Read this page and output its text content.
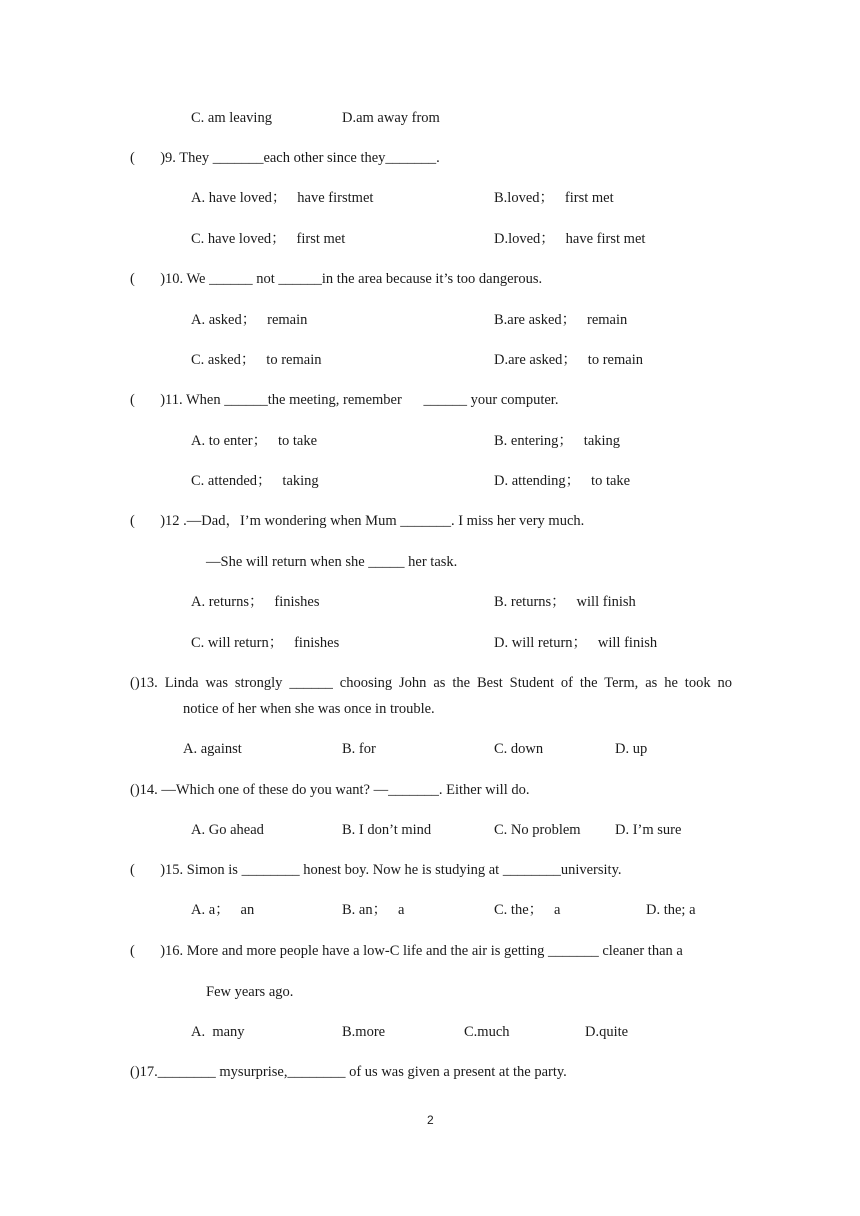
C. am leaving	D.am away from
(       )9. They _______each other since they_______.
A. have loved；   have firstmet	B.loved；   first met
C. have loved；   first met	D.loved；   have first met
(       )10. We ______ not ______in the area because it’s too dangerous.
A. asked；   remain	B.are asked；   remain
C. asked；   to remain	D.are asked；   to remain
(       )11. When ______the meeting, remember      ______ your computer.
A. to enter；   to take	B. entering；   taking
C. attended；   taking	D. attending；   to take
(       )12 .—Dad，I’m wondering when Mum _______. I miss her very much.
—She will return when she _____ her task.
A. returns；   finishes	B. returns；   will finish
C. will return；   finishes	D. will return；   will finish
()13. Linda was strongly ______ choosing John as the Best Student of the Term, as he took no
notice of her when she was once in trouble.
A. against	B. for	C. down	D. up
()14. —Which one of these do you want? —_______. Either will do.
A. Go ahead	B. I don’t mind	C. No problem D. I’m sure
(       )15. Simon is ________ honest boy. Now he is studying at ________university.
A. a；   an	B. an；   a	C. the；   a	D. the; a
(       )16. More and more people have a low-C life and the air is getting _______ cleaner than a
Few years ago.
A.  many	B.more	C.much	D.quite
()17.________ mysurprise,________ of us was given a present at the party.
2
